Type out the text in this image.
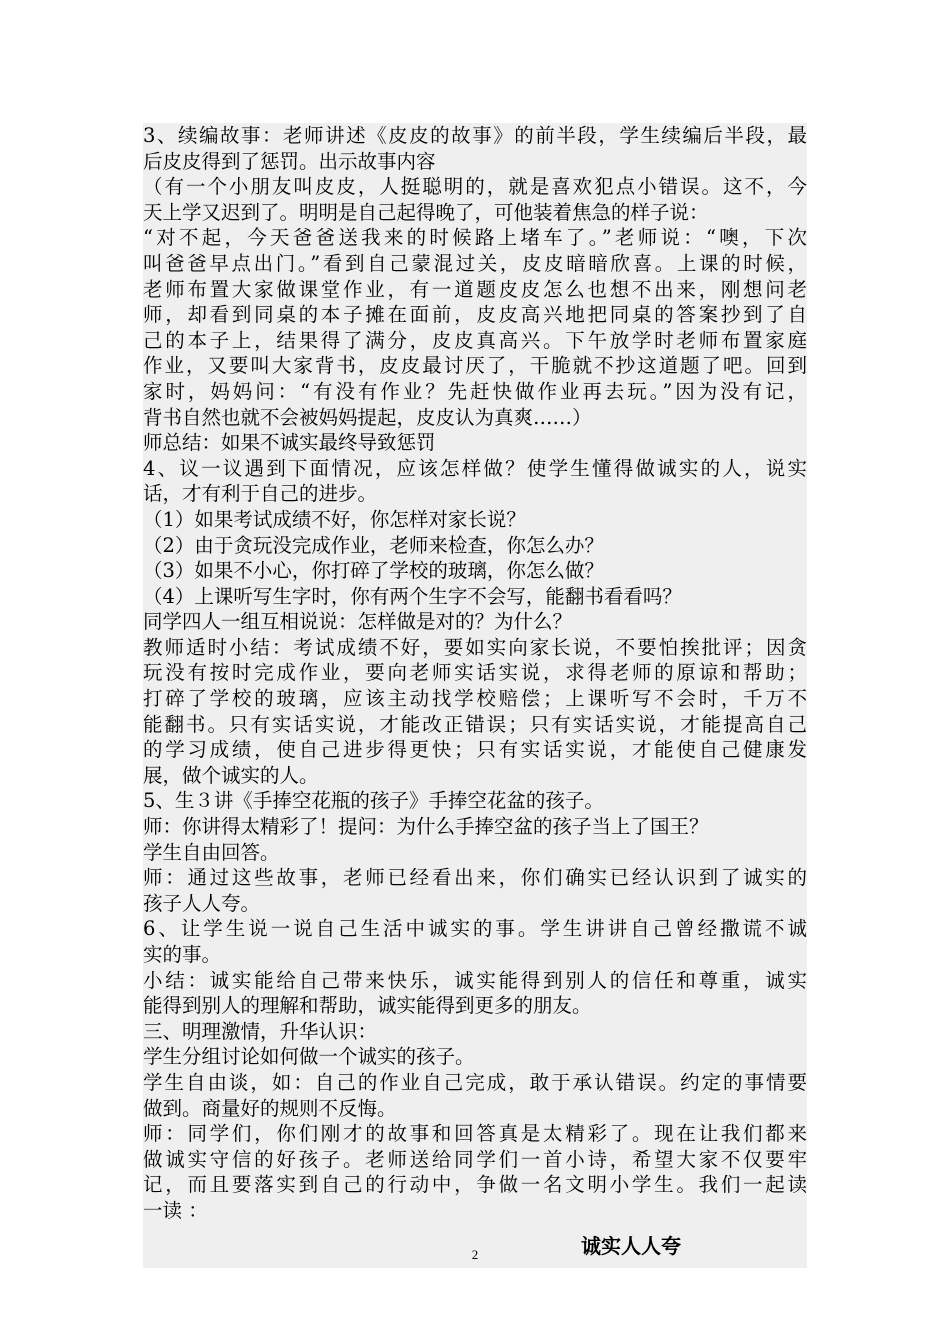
3、续编故事：老师讲述《皮皮的故事》的前半段，学生续编后半段，最
后皮皮得到了惩罚。出示故事内容
（有一个小朋友叫皮皮，人挺聪明的，就是喜欢犯点小错误。这不，今
天上学又迟到了。明明是自己起得晚了，可他装着焦急的样子说：
“对不起，今天爸爸送我来的时候路上堵车了。”老师说：“噢，下次
叫爸爸早点出门。”看到自己蒙混过关，皮皮暗暗欣喜。上课的时候，
老师布置大家做课堂作业，有一道题皮皮怎么也想不出来，刚想问老
师，却看到同桌的本子摊在面前，皮皮高兴地把同桌的答案抄到了自
己的本子上，结果得了满分，皮皮真高兴。下午放学时老师布置家庭
作业，又要叫大家背书，皮皮最讨厌了，干脆就不抄这道题了吧。回到
家时，妈妈问：“有没有作业？先赶快做作业再去玩。”因为没有记，
背书自然也就不会被妈妈提起，皮皮认为真爽……）
师总结：如果不诚实最终导致惩罚
4、议一议遇到下面情况，应该怎样做？使学生懂得做诚实的人，说实
话，才有利于自己的进步。
（1）如果考试成绩不好，你怎样对家长说？
（2）由于贪玩没完成作业，老师来检查，你怎么办？
（3）如果不小心，你打碎了学校的玻璃，你怎么做？
（4）上课听写生字时，你有两个生字不会写，能翻书看看吗？
同学四人一组互相说说：怎样做是对的？为什么？
教师适时小结：考试成绩不好，要如实向家长说，不要怕挨批评；因贪
玩没有按时完成作业，要向老师实话实说，求得老师的原谅和帮助；
打碎了学校的玻璃，应该主动找学校赔偿；上课听写不会时，千万不
能翻书。只有实话实说，才能改正错误；只有实话实说，才能提高自己
的学习成绩，使自己进步得更快；只有实话实说，才能使自己健康发
展，做个诚实的人。
5、生３讲《手捧空花瓶的孩子》手捧空花盆的孩子。
师：你讲得太精彩了！提问：为什么手捧空盆的孩子当上了国王？
学生自由回答。
师：通过这些故事，老师已经看出来，你们确实已经认识到了诚实的
孩子人人夸。
6、让学生说一说自己生活中诚实的事。学生讲讲自己曾经撒谎不诚
实的事。
小结：诚实能给自己带来快乐，诚实能得到别人的信任和尊重，诚实
能得到别人的理解和帮助，诚实能得到更多的朋友。
三、明理激情，升华认识：
学生分组讨论如何做一个诚实的孩子。
学生自由谈，如：自己的作业自己完成，敢于承认错误。约定的事情要
做到。商量好的规则不反悔。
师：同学们，你们刚才的故事和回答真是太精彩了。现在让我们都来
做诚实守信的好孩子。老师送给同学们一首小诗，希望大家不仅要牢
记，而且要落实到自己的行动中，争做一名文明小学生。我们一起读
一读 ：
诚实人人夸
2
